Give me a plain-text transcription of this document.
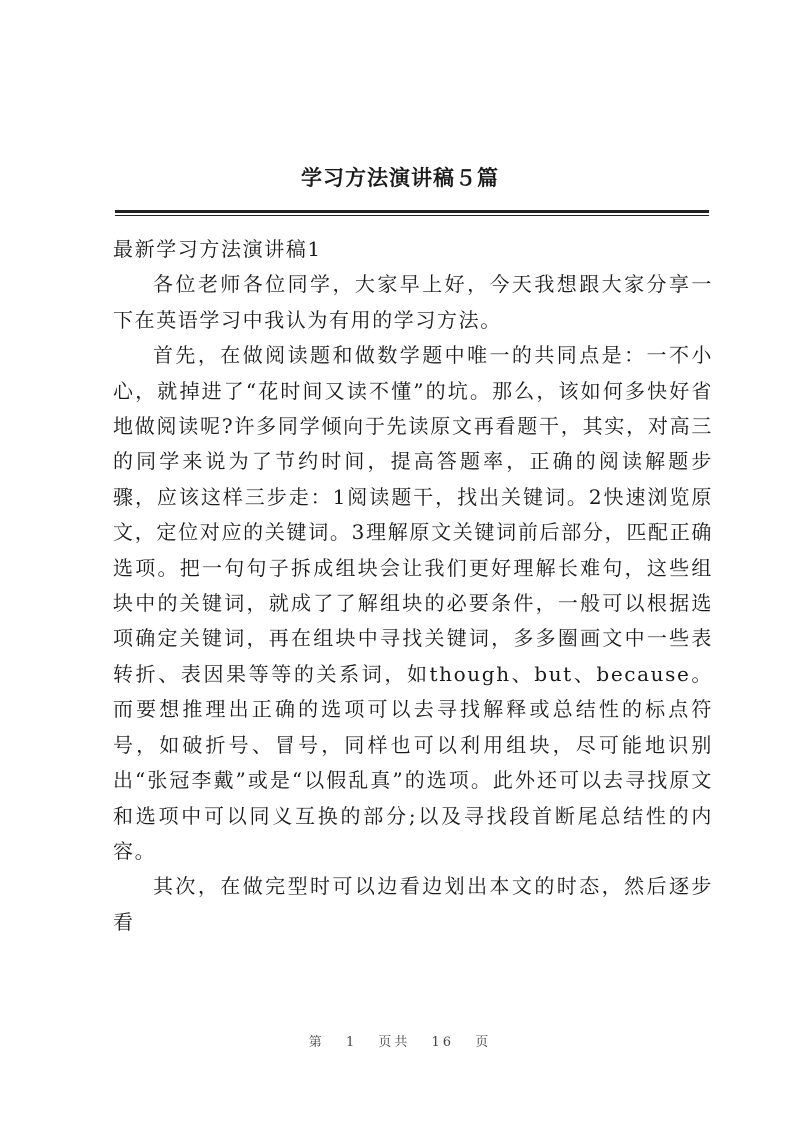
学习方法演讲稿５篇

最新学习方法演讲稿1

各位老师各位同学，大家早上好，今天我想跟大家分享一下在英语学习中我认为有用的学习方法。

首先，在做阅读题和做数学题中唯一的共同点是：一不小心，就掉进了“花时间又读不懂”的坑。那么，该如何多快好省地做阅读呢?许多同学倾向于先读原文再看题干，其实，对高三的同学来说为了节约时间，提高答题率，正确的阅读解题步骤，应该这样三步走：1阅读题干，找出关键词。2快速浏览原文，定位对应的关键词。3理解原文关键词前后部分，匹配正确选项。把一句句子拆成组块会让我们更好理解长难句，这些组块中的关键词，就成了了解组块的必要条件，一般可以根据选项确定关键词，再在组块中寻找关键词，多多圈画文中一些表转折、表因果等等的关系词，如though、but、because。而要想推理出正确的选项可以去寻找解释或总结性的标点符号，如破折号、冒号，同样也可以利用组块，尽可能地识别出“张冠李戴”或是“以假乱真”的选项。此外还可以去寻找原文和选项中可以同义互换的部分;以及寻找段首断尾总结性的内容。

其次，在做完型时可以边看边划出本文的时态，然后逐步看

第 1 页共 16 页
